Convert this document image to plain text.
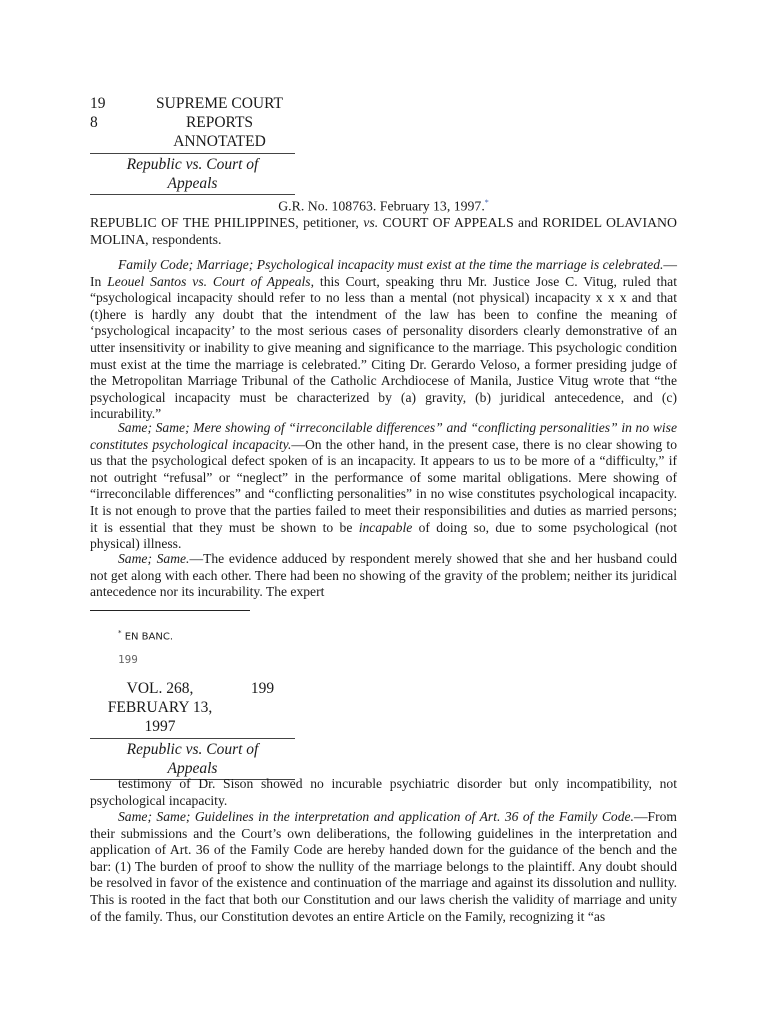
19	SUPREME COURT
8	REPORTS
ANNOTATED
Republic vs. Court of
Appeals
G.R. No. 108763. February 13, 1997.*
REPUBLIC OF THE PHILIPPINES, petitioner, vs. COURT OF APPEALS and RORIDEL OLAVIANO MOLINA, respondents.
Family Code; Marriage; Psychological incapacity must exist at the time the marriage is celebrated.—In Leouel Santos vs. Court of Appeals, this Court, speaking thru Mr. Justice Jose C. Vitug, ruled that “psychological incapacity should refer to no less than a mental (not physical) incapacity x x x and that (t)here is hardly any doubt that the intendment of the law has been to confine the meaning of ‘psychological incapacity’ to the most serious cases of personality disorders clearly demonstrative of an utter insensitivity or inability to give meaning and significance to the marriage. This psychologic condition must exist at the time the marriage is celebrated.” Citing Dr. Gerardo Veloso, a former presiding judge of the Metropolitan Marriage Tribunal of the Catholic Archdiocese of Manila, Justice Vitug wrote that “the psychological incapacity must be characterized by (a) gravity, (b) juridical antecedence, and (c) incurability.”
Same; Same; Mere showing of “irreconcilable differences” and “conflicting personalities” in no wise constitutes psychological incapacity.—On the other hand, in the present case, there is no clear showing to us that the psychological defect spoken of is an incapacity. It appears to us to be more of a “difficulty,” if not outright “refusal” or “neglect” in the performance of some marital obligations. Mere showing of “irreconcilable differences” and “conflicting personalities” in no wise constitutes psychological incapacity. It is not enough to prove that the parties failed to meet their responsibilities and duties as married persons; it is essential that they must be shown to be incapable of doing so, due to some psychological (not physical) illness.
Same; Same.—The evidence adduced by respondent merely showed that she and her husband could not get along with each other. There had been no showing of the gravity of the problem; neither its juridical antecedence nor its incurability. The expert
* EN BANC.
199
VOL. 268,	199
FEBRUARY 13,
1997
Republic vs. Court of
Appeals
testimony of Dr. Sison showed no incurable psychiatric disorder but only incompatibility, not psychological incapacity.
Same; Same; Guidelines in the interpretation and application of Art. 36 of the Family Code.—From their submissions and the Court’s own deliberations, the following guidelines in the interpretation and application of Art. 36 of the Family Code are hereby handed down for the guidance of the bench and the bar: (1) The burden of proof to show the nullity of the marriage belongs to the plaintiff. Any doubt should be resolved in favor of the existence and continuation of the marriage and against its dissolution and nullity. This is rooted in the fact that both our Constitution and our laws cherish the validity of marriage and unity of the family. Thus, our Constitution devotes an entire Article on the Family, recognizing it “as
